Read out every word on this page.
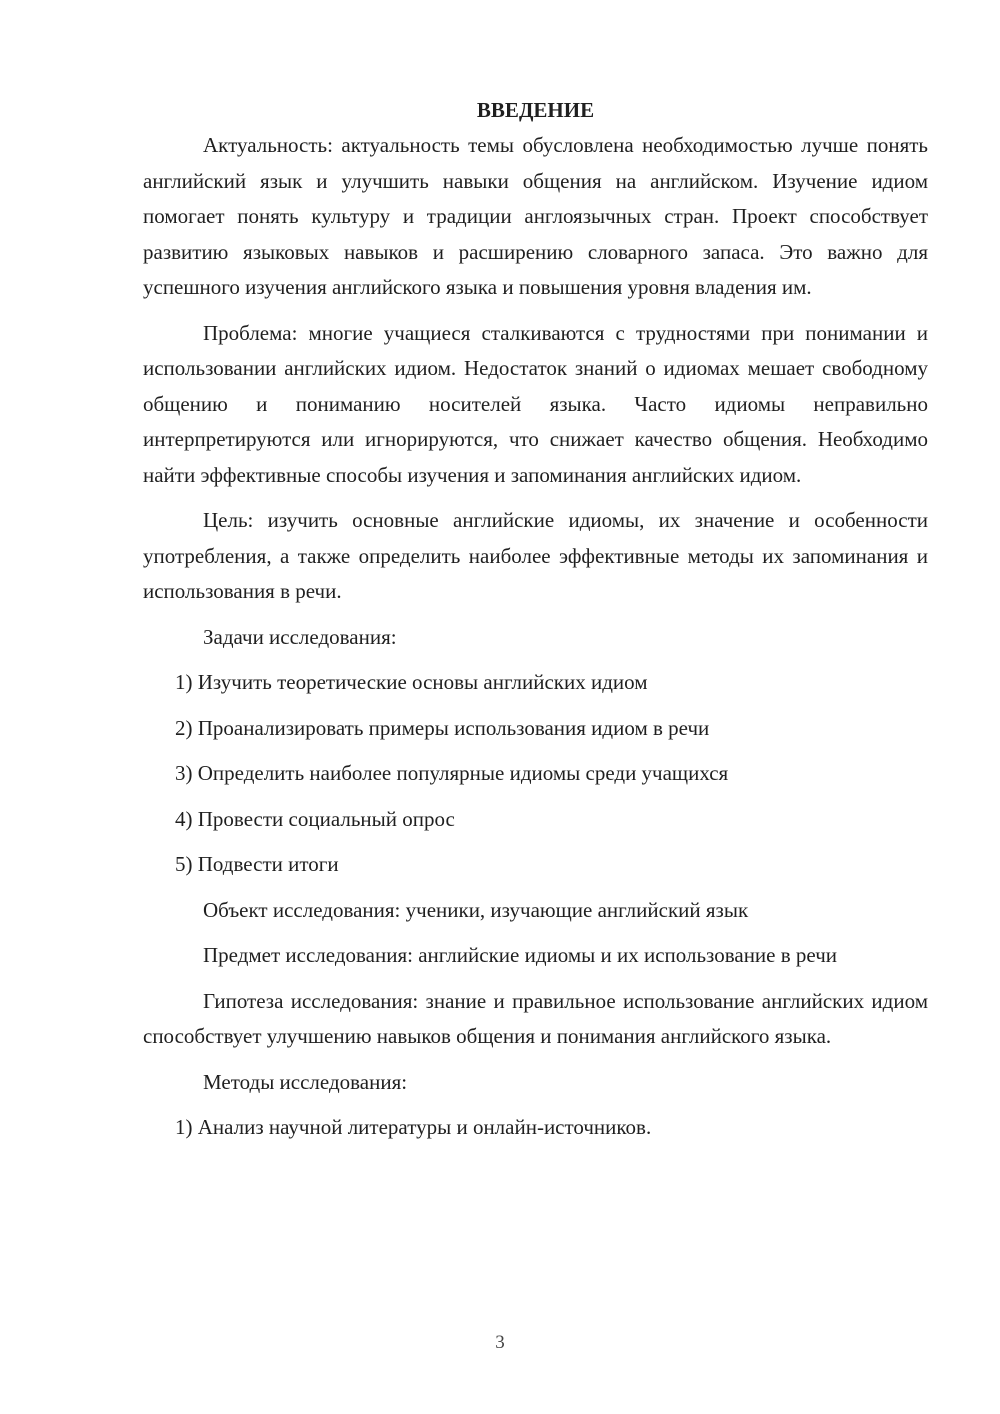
ВВЕДЕНИЕ

Актуальность: актуальность темы обусловлена необходимостью лучше понять английский язык и улучшить навыки общения на английском. Изучение идиом помогает понять культуру и традиции англоязычных стран. Проект способствует развитию языковых навыков и расширению словарного запаса. Это важно для успешного изучения английского языка и повышения уровня владения им.

Проблема: многие учащиеся сталкиваются с трудностями при понимании и использовании английских идиом. Недостаток знаний о идиомах мешает свободному общению и пониманию носителей языка. Часто идиомы неправильно интерпретируются или игнорируются, что снижает качество общения. Необходимо найти эффективные способы изучения и запоминания английских идиом.

Цель: изучить основные английские идиомы, их значение и особенности употребления, а также определить наиболее эффективные методы их запоминания и использования в речи.

Задачи исследования:

1) Изучить теоретические основы английских идиом

2) Проанализировать примеры использования идиом в речи

3) Определить наиболее популярные идиомы среди учащихся

4) Провести социальный опрос

5) Подвести итоги

Объект исследования: ученики, изучающие английский язык

Предмет исследования: английские идиомы и их использование в речи

Гипотеза исследования: знание и правильное использование английских идиом способствует улучшению навыков общения и понимания английского языка.

Методы исследования:

1) Анализ научной литературы и онлайн-источников.

3
